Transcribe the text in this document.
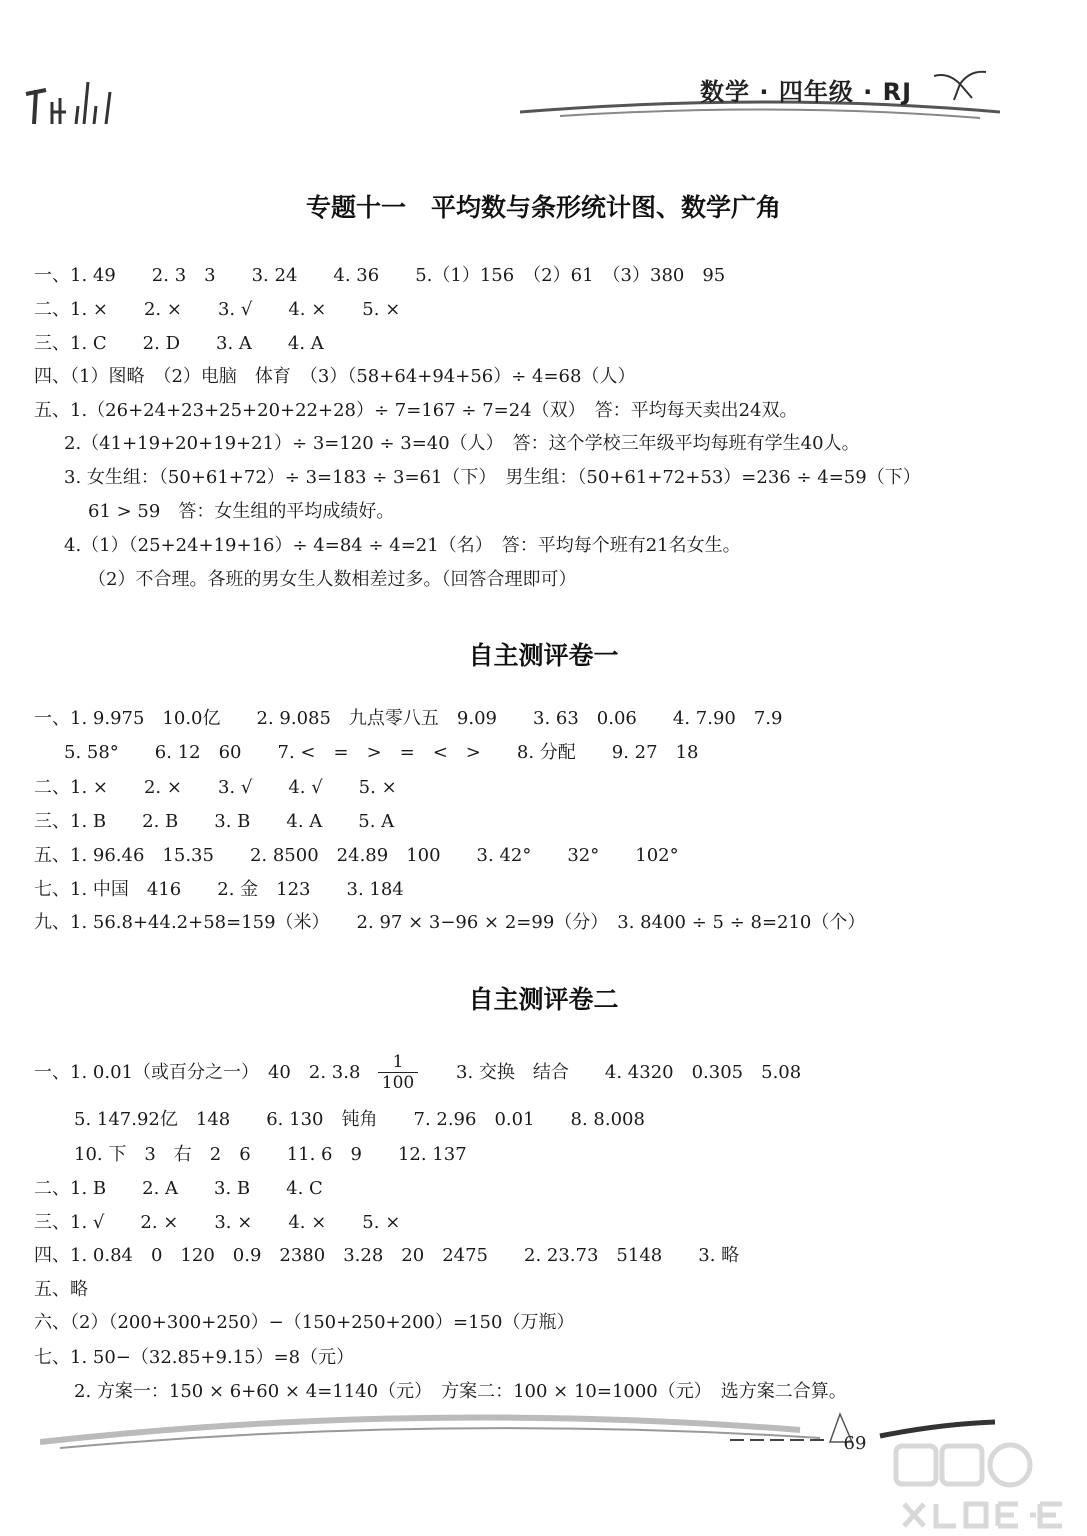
数学 · 四年级 · RJ
专题十一　平均数与条形统计图、数学广角
一、1. 49　　2. 3　3　　3. 24　　4. 36　　5.（1）156　（2）61　（3）380　95
二、1. ×　　2. ×　　3. √　　4. ×　　5. ×
三、1. C　　2. D　　3. A　　4. A
四、（1）图略　（2）电脑　体育　（3）（58+64+94+56）÷ 4=68（人）
五、1.（26+24+23+25+20+22+28）÷ 7=167 ÷ 7=24（双）　答：平均每天卖出24双。
2.（41+19+20+19+21）÷ 3=120 ÷ 3=40（人）　答：这个学校三年级平均每班有学生40人。
3. 女生组：（50+61+72）÷ 3=183 ÷ 3=61（下）　男生组：（50+61+72+53）=236 ÷ 4=59（下）
61 > 59　答：女生组的平均成绩好。
4.（1）（25+24+19+16）÷ 4=84 ÷ 4=21（名）　答：平均每个班有21名女生。
（2）不合理。各班的男女生人数相差过多。（回答合理即可）
自主测评卷一
一、1. 9.975　10.0亿　　2. 9.085　九点零八五　9.09　　3. 63　0.06　　4. 7.90　7.9
5. 58°　　6. 12　60　　7. <　=　>　=　<　>　　8. 分配　　9. 27　18
二、1. ×　　2. ×　　3. √　　4. √　　5. ×
三、1. B　　2. B　　3. B　　4. A　　5. A
五、1. 96.46　15.35　　2. 8500　24.89　100　　3. 42°　　32°　　102°
七、1. 中国　416　　2. 金　123　　3. 184
九、1. 56.8+44.2+58=159（米）　　2. 97 × 3−96 × 2=99（分）　3. 8400 ÷ 5 ÷ 8=210（个）
自主测评卷二
一、1. 0.01（或百分之一）　40　2. $3.8 \frac{1}{100} 3$. 交换　结合　　4. 4320　0.305　5.08
5. 147.92亿　148　　6. 130　钝角　　7. 2.96　0.01　　8. 8.008
10. 下　3　右　2　6　　11. 6　9　　12. 137
二、1. B　　2. A　　3. B　　4. C
三、1. √　　2. ×　　3. ×　　4. ×　　5. ×
四、1. 0.84　0　120　0.9　2380　3.28　20　2475　　2. 23.73　5148　　3. 略
五、略
六、（2）（200+300+250）−（150+250+200）=150（万瓶）
七、1. 50−（32.85+9.15）=8（元）
2. 方案一：150 × 6+60 × 4=1140（元）　方案二：100 × 10=1000（元）　选方案二合算。
69
